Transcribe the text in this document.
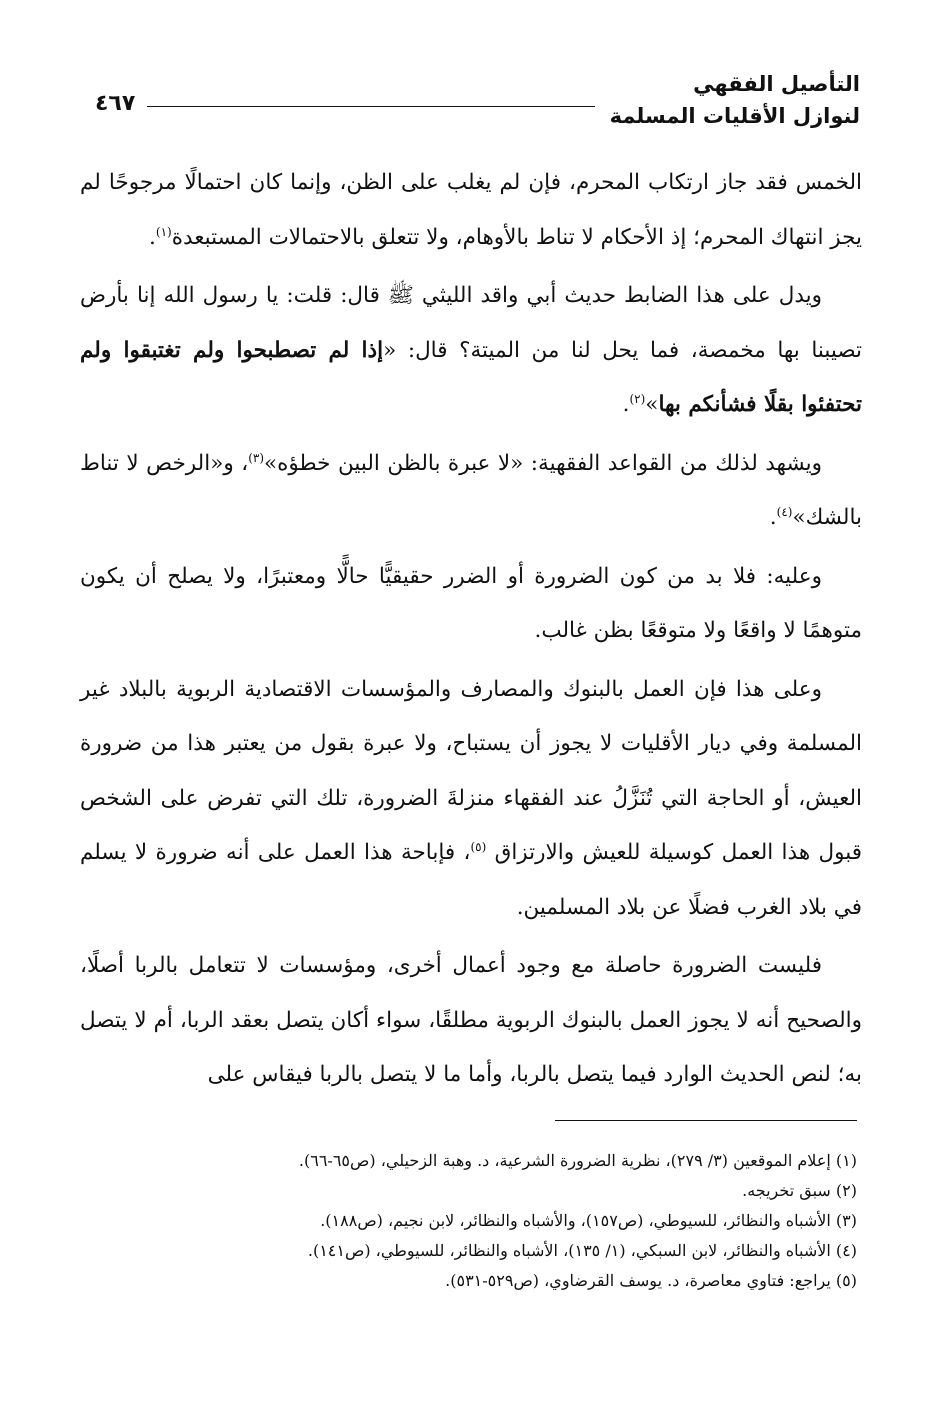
التأصيل الفقهي
لنوازل الأقليات المسلمة
٤٦٧

الخمس فقد جاز ارتكاب المحرم، فإن لم يغلب على الظن، وإنما كان احتمالًا مرجوحًا لم يجز انتهاك المحرم؛ إذ الأحكام لا تناط بالأوهام، ولا تتعلق بالاحتمالات المستبعدة$^{(١)}$.

ويدل على هذا الضابط حديث أبي واقد الليثي ﷺ قال: قلت: يا رسول الله إنا بأرض تصيبنا بها مخمصة، فما يحل لنا من الميتة؟ قال: «إذا لم تصطبحوا ولم تغتبقوا ولم تحتفئوا بقلًا فشأنكم بها»$^{(٢)}$.

ويشهد لذلك من القواعد الفقهية: «لا عبرة بالظن البين خطؤه»$^{(٣)}$، و«الرخص لا تناط بالشك»$^{(٤)}$.

وعليه: فلا بد من كون الضرورة أو الضرر حقيقيًّا حالًّا ومعتبرًا، ولا يصلح أن يكون متوهمًا لا واقعًا ولا متوقعًا بظن غالب.

وعلى هذا فإن العمل بالبنوك والمصارف والمؤسسات الاقتصادية الربوية بالبلاد غير المسلمة وفي ديار الأقليات لا يجوز أن يستباح، ولا عبرة بقول من يعتبر هذا من ضرورة العيش، أو الحاجة التي تُنَزَّلُ عند الفقهاء منزلةَ الضرورة، تلك التي تفرض على الشخص قبول هذا العمل كوسيلة للعيش والارتزاق $^{(٥)}$، فإباحة هذا العمل على أنه ضرورة لا يسلم في بلاد الغرب فضلًا عن بلاد المسلمين.

فليست الضرورة حاصلة مع وجود أعمال أخرى، ومؤسسات لا تتعامل بالربا أصلًا، والصحيح أنه لا يجوز العمل بالبنوك الربوية مطلقًا، سواء أكان يتصل بعقد الربا، أم لا يتصل به؛ لنص الحديث الوارد فيما يتصل بالربا، وأما ما لا يتصل بالربا فيقاس على

(١) إعلام الموقعين (٣/ ٢٧٩)، نظرية الضرورة الشرعية، د. وهبة الزحيلي، (ص٦٥-٦٦).

(٢) سبق تخريجه.

(٣) الأشباه والنظائر، للسيوطي، (ص١٥٧)، والأشباه والنظائر، لابن نجيم، (ص١٨٨).

(٤) الأشباه والنظائر، لابن السبكي، (١/ ١٣٥)، الأشباه والنظائر، للسيوطي، (ص١٤١).

(٥) يراجع: فتاوي معاصرة، د. يوسف القرضاوي، (ص٥٢٩-٥٣١).
